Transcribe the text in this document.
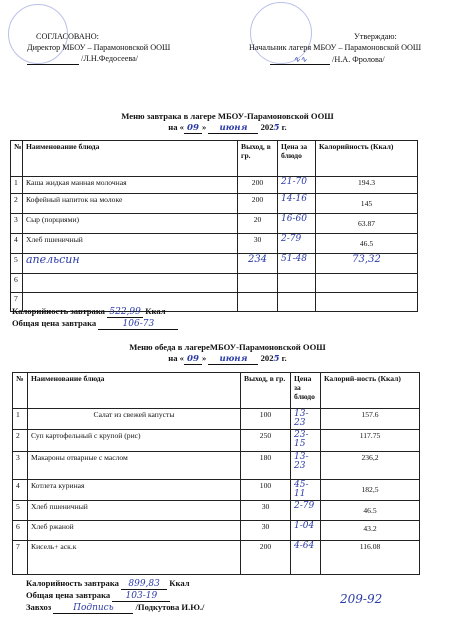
СОГЛАСОВАНО:
Директор МБОУ – Парамоновской ООШ
/Л.Н.Федосеева/
Утверждаю:
Начальник лагеря МБОУ – Парамоновской ООШ
∿∿	/Н.А. Фролова/
Меню завтрака в лагере МБОУ-Парамоновской ООШ
на « 09 » июня 2025 г.
№	Наименование блюда	Выход, в гр.	Цена за блюдо	Калорийность (Ккал)
1	Каша жидкая манная молочная	200	21-70	194.3
2	Кофейный напиток на молоке	200	14-16	145
3	Сыр (порциями)	20	16-60	63.87
4	Хлеб пшеничный	30	2-79	46.5
5	апельсин	234	51-48	73,32
6				
7				
Калорийность завтрака 522,99 Ккал
Общая цена завтрака	106-73
Меню обеда в лагереМБОУ-Парамоновской ООШ
на « 09 » июня 2025 г.
№	Наименование блюда	Выход, в гр.	Цена за блюдо	Калорий-ность (Ккал)
1	Салат из свежей капусты	100	13-23	157.6
2	Суп картофельный с крупой (рис)	250	23-15	117.75
3	Макароны отварные с маслом	180	13-23	236,2
4	Котлета куриная	100	45-11	182,5
5	Хлеб пшеничный	30	2-79	46.5
6	Хлеб ржаной	30	1-04	43.2
7	Кисель+ аск.к	200	4-64	116.08
Калорийность завтрака 899,83 Ккал
Общая цена завтрака 103-19
Завхоз Подпись	/Подкутова И.Ю./
209-92
